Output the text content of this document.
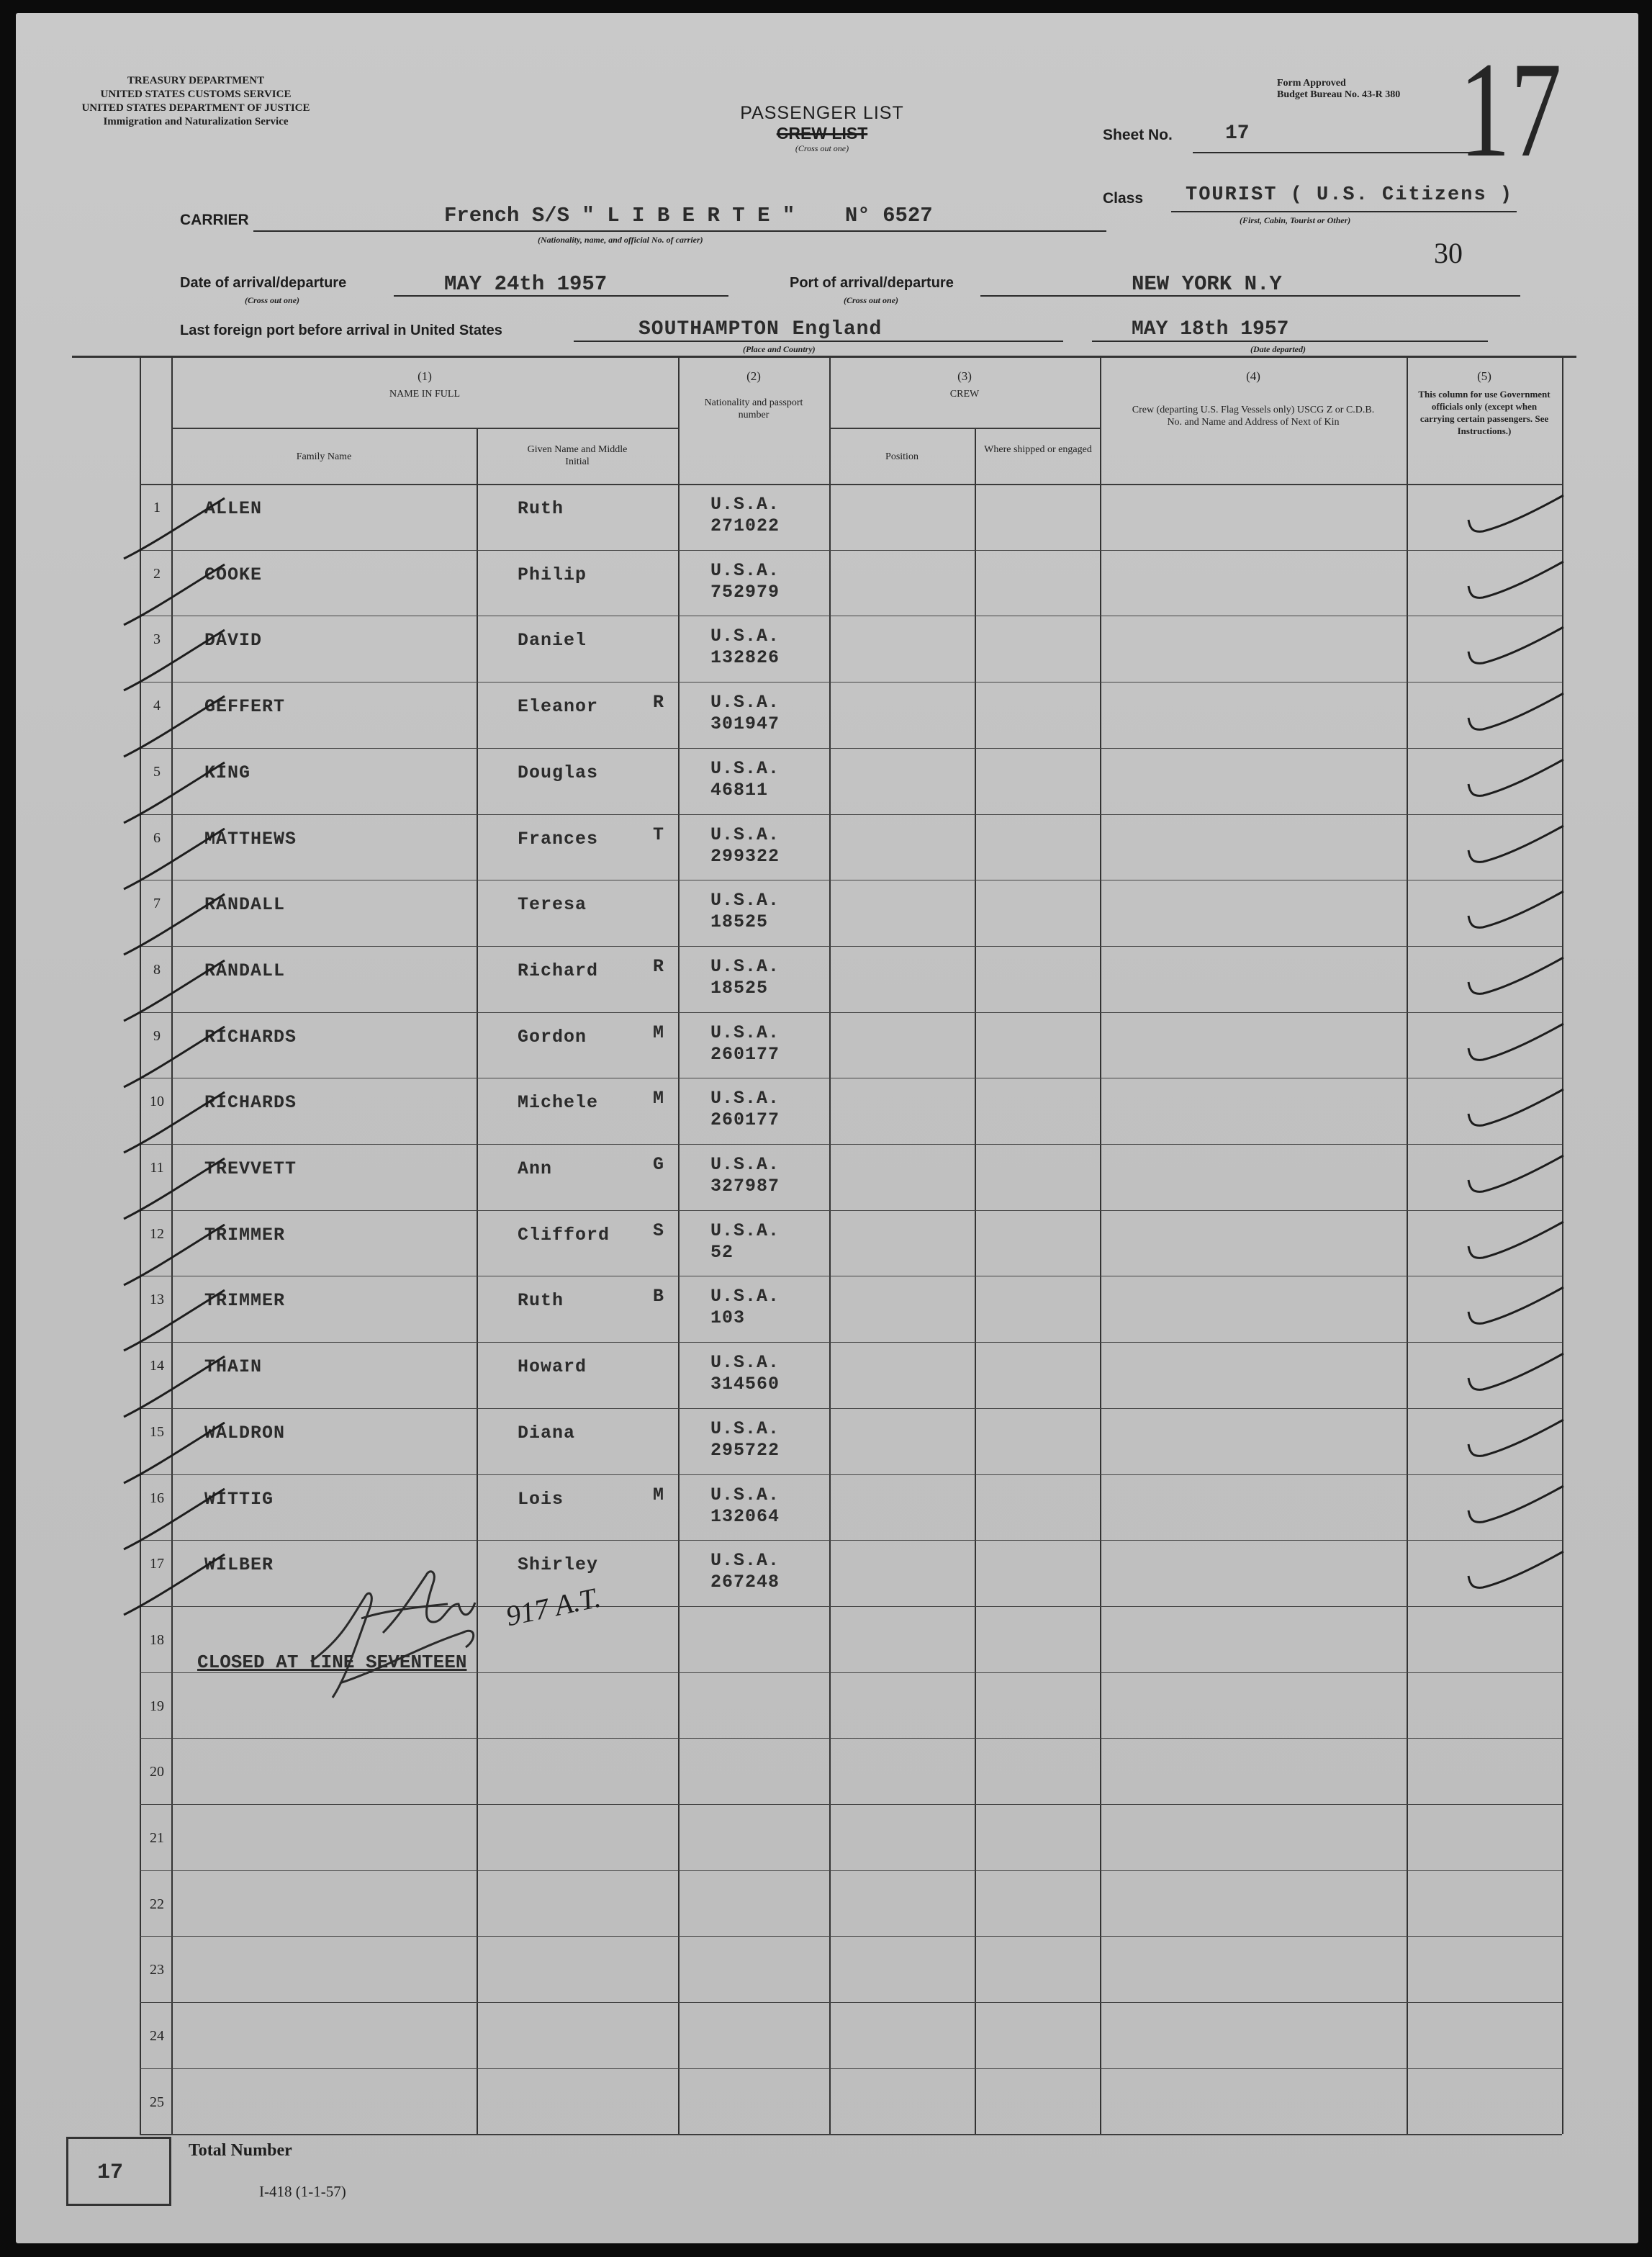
TREASURY DEPARTMENT
UNITED STATES CUSTOMS SERVICE
UNITED STATES DEPARTMENT OF JUSTICE
Immigration and Naturalization Service	PASSENGER LIST
CREW LIST
(Cross out one)
Form Approved
Budget Bureau No. 43-R 380 17
Sheet No.	17
Class TOURIST ( U.S. Citizens )
(First, Cabin, Tourist or Other)
CARRIER	French S/S " L I B E R T E "    N° 6527
(Nationality, name, and official No. of carrier)	30
Date of arrival/departure
(Cross out one)
MAY 24th 1957	Port of arrival/departure
(Cross out one)
NEW YORK N.Y
Last foreign port before arrival in United States	SOUTHAMPTON England
(Place and Country)
MAY 18th 1957
(Date departed)
(1)
NAME IN FULL
Family Name
Given Name and Middle Initial
(2)
Nationality and passport number
(3)
CREW
Position
Where shipped or engaged
(4)
Crew (departing U.S. Flag Vessels only) USCG Z or C.D.B. No. and Name and Address of Next of Kin
(5)
This column for use Government officials only (except when carrying certain passengers. See Instructions.)
1	ALLEN	Ruth	U.S.A.
271022
2	COOKE	Philip	U.S.A.
752979
3	DAVID	Daniel	U.S.A.
132826
4	GEFFERT	Eleanor	R	U.S.A.
301947
5	KING	Douglas	U.S.A.
46811
6	MATTHEWS	Frances	T	U.S.A.
299322
7	RANDALL	Teresa	U.S.A.
18525
8	RANDALL	Richard	R	U.S.A.
18525
9	RICHARDS	Gordon	M	U.S.A.
260177
10	RICHARDS	Michele	M	U.S.A.
260177
11	TREVVETT	Ann	G	U.S.A.
327987
12	TRIMMER	Clifford S	U.S.A.
52
13	TRIMMER	Ruth	B	U.S.A.
103
14	THAIN	Howard	U.S.A.
314560
15	WALDRON	Diana	U.S.A.
295722
16	WITTIG	Lois	M	U.S.A.
132064
17	WILBER	Shirley	U.S.A.
267248
18
19
20
21
22
23
24
25
CLOSED AT LINE SEVENTEEN
917 A.T.
17
Total Number
I-418 (1-1-57)
